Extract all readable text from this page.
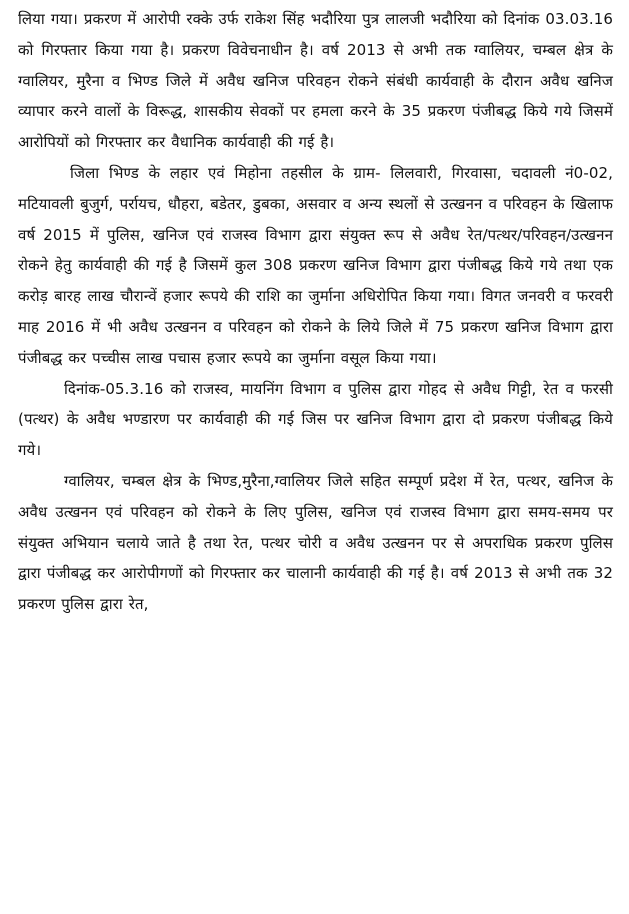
लिया गया। प्रकरण में आरोपी रक्के उर्फ राकेश सिंह भदौरिया पुत्र लालजी भदौरिया को दिनांक 03.03.16 को गिरफ्तार किया गया है। प्रकरण विवेचनाधीन है। वर्ष 2013 से अभी तक ग्वालियर, चम्बल क्षेत्र के ग्वालियर, मुरैना व भिण्ड जिले में अवैध खनिज परिवहन रोकने संबंधी कार्यवाही के दौरान अवैध खनिज व्यापार करने वालों के विरूद्ध, शासकीय सेवकों पर हमला करने के 35 प्रकरण पंजीबद्ध किये गये जिसमें आरोपियों को गिरफ्तार कर वैधानिक कार्यवाही की गई है।

जिला भिण्ड के लहार एवं मिहोना तहसील के ग्राम- लिलवारी, गिरवासा, चदावली नं0-02, मटियावली बुजुर्ग, पर्रायच, धौहरा, बडेतर, डुबका, असवार व अन्य स्थलों से उत्खनन व परिवहन के खिलाफ वर्ष 2015 में पुलिस, खनिज एवं राजस्व विभाग द्वारा संयुक्त रूप से अवैध रेत/पत्थर/परिवहन/उत्खनन रोकने हेतु कार्यवाही की गई है जिसमें कुल 308 प्रकरण खनिज विभाग द्वारा पंजीबद्ध किये गये तथा एक करोड़ बारह लाख चौरान्वें हजार रूपये की राशि का जुर्माना अधिरोपित किया गया। विगत जनवरी व फरवरी माह 2016 में भी अवैध उत्खनन व परिवहन को रोकने के लिये जिले में 75 प्रकरण खनिज विभाग द्वारा पंजीबद्ध कर पच्चीस लाख पचास हजार रूपये का जुर्माना वसूल किया गया।

दिनांक-05.3.16 को राजस्व, मायनिंग विभाग व पुलिस द्वारा गोहद से अवैध गिट्टी, रेत व फरसी (पत्थर) के अवैध भण्डारण पर कार्यवाही की गई जिस पर खनिज विभाग द्वारा दो प्रकरण पंजीबद्ध किये गये।

ग्वालियर, चम्बल क्षेत्र के भिण्ड,मुरैना,ग्वालियर जिले सहित सम्पूर्ण प्रदेश में रेत, पत्थर, खनिज के अवैध उत्खनन एवं परिवहन को रोकने के लिए पुलिस, खनिज एवं राजस्व विभाग द्वारा समय-समय पर संयुक्त अभियान चलाये जाते है तथा रेत, पत्थर चोरी व अवैध उत्खनन पर से अपराधिक प्रकरण पुलिस द्वारा पंजीबद्ध कर आरोपीगणों को गिरफ्तार कर चालानी कार्यवाही की गई है। वर्ष 2013 से अभी तक 32 प्रकरण पुलिस द्वारा रेत,
